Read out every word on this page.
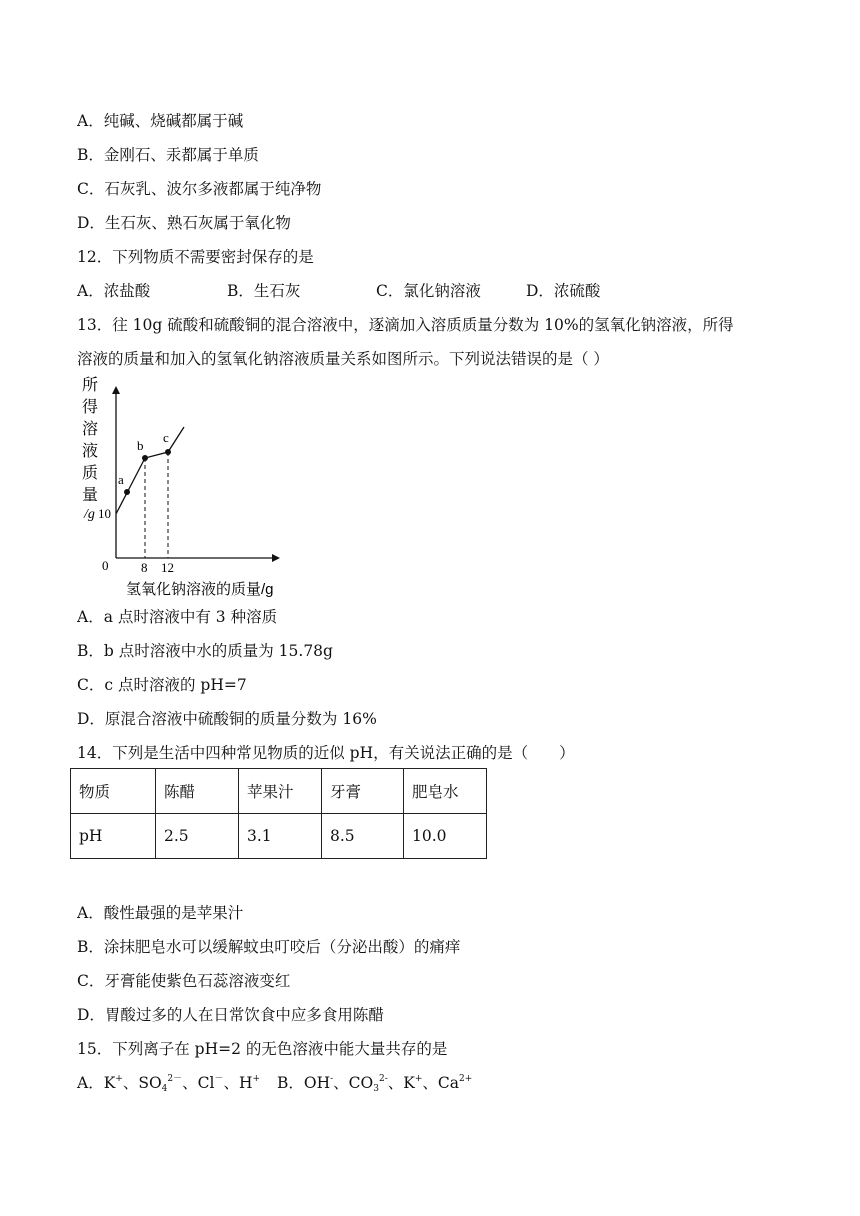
A．纯碱、烧碱都属于碱
B．金刚石、汞都属于单质
C．石灰乳、波尔多液都属于纯净物
D．生石灰、熟石灰属于氧化物
12．下列物质不需要密封保存的是
A．浓盐酸	B．生石灰	C．氯化钠溶液	D．浓硫酸
13．往 10g 硫酸和硫酸铜的混合溶液中，逐滴加入溶质质量分数为 10%的氢氧化钠溶液，所得
溶液的质量和加入的氢氧化钠溶液质量关系如图所示。下列说法错误的是（ ）
所
得
溶
液
质
量
/g 10
0
a
b
c
8 12
氢氧化钠溶液的质量/g
A．a 点时溶液中有 3 种溶质
B．b 点时溶液中水的质量为 15.78g
C．c 点时溶液的 pH=7
D．原混合溶液中硫酸铜的质量分数为 16%
14．下列是生活中四种常见物质的近似 pH，有关说法正确的是（　　）
物质	陈醋	苹果汁	牙膏	肥皂水
pH	2.5	3.1	8.5	10.0
A．酸性最强的是苹果汁
B．涂抹肥皂水可以缓解蚊虫叮咬后（分泌出酸）的痛痒
C．牙膏能使紫色石蕊溶液变红
D．胃酸过多的人在日常饮食中应多食用陈醋
15．下列离子在 pH=2 的无色溶液中能大量共存的是
A．K+、$SO_4^{2-}$、Cl－、H+ B．OH-、$CO_3^{2-}$、K+、$Ca^{2+}$
